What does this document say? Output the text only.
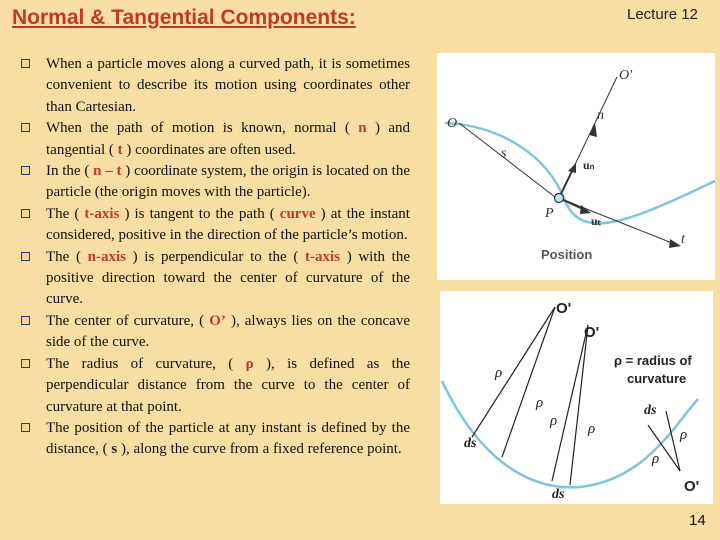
Normal & Tangential Components:	Lecture 12
When a particle moves along a curved path, it is sometimes convenient to describe its motion using coordinates other than Cartesian.
When the path of motion is known, normal ( n ) and tangential ( t ) coordinates are often used.
In the ( n – t ) coordinate system, the origin is located on the particle (the origin moves with the particle).
The ( t-axis ) is tangent to the path ( curve ) at the instant considered, positive in the direction of the particle’s motion.
The ( n-axis ) is perpendicular to the ( t-axis ) with the positive direction toward the center of curvature of the curve.
The center of curvature, ( O’ ), always lies on the concave side of the curve.
The radius of curvature, ( ρ ), is defined as the perpendicular distance from the curve to the center of curvature at that point.
The position of the particle at any instant is defined by the distance, ( s ), along the curve from a fixed reference point.
O'
n
O
s
uₙ
P	uₜ
t
Position
O'
O'
O'
ρ = radius of
curvature
ρ
ρ
ρ ρ	ρ
ρ
ds
ds
ds
14
